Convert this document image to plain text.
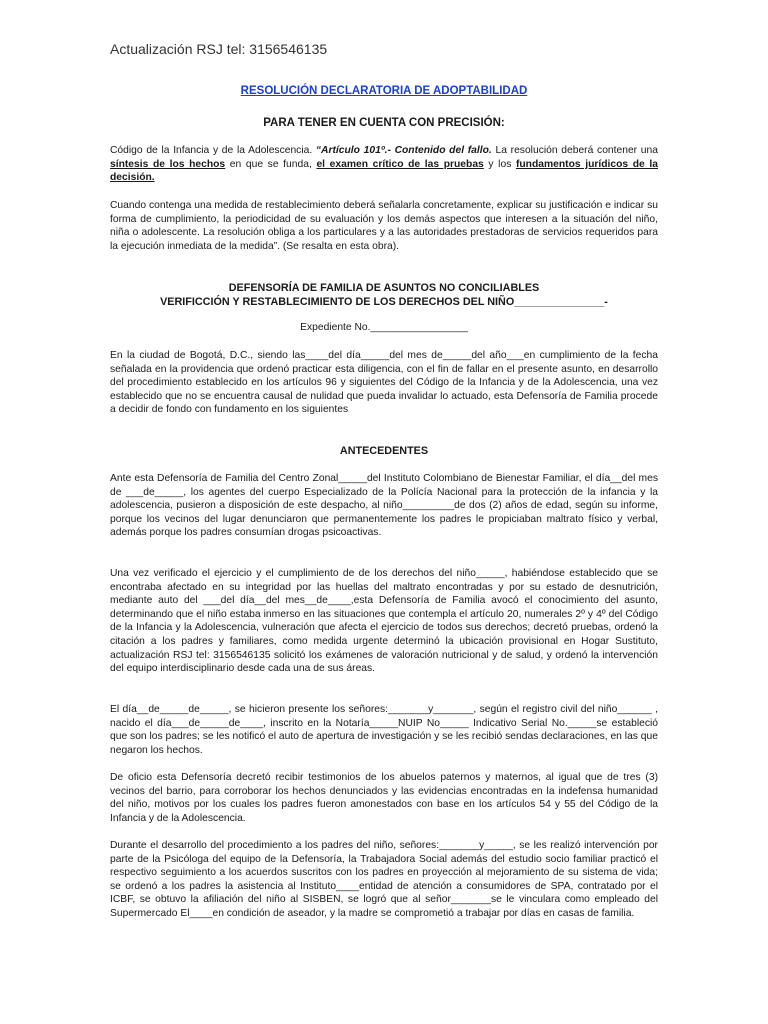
Actualización RSJ tel: 3156546135
RESOLUCIÓN DECLARATORIA DE ADOPTABILIDAD
PARA TENER EN CUENTA CON PRECISIÓN:
Código de la Infancia y de la Adolescencia. “Artículo 101º.- Contenido del fallo. La resolución deberá contener una síntesis de los hechos en que se funda, el examen crítico de las pruebas y los fundamentos jurídicos de la decisión.
Cuando contenga una medida de restablecimiento deberá señalarla concretamente, explicar su justificación e indicar su forma de cumplimiento, la periodicidad de su evaluación y los demás aspectos que interesen a la situación del niño, niña o adolescente. La resolución obliga a los particulares y a las autoridades prestadoras de servicios requeridos para la ejecución inmediata de la medida”. (Se resalta en esta obra).
DEFENSORÍA DE FAMILIA DE ASUNTOS NO CONCILIABLES
VERIFICCIÓN Y RESTABLECIMIENTO DE LOS DERECHOS DEL NIÑO_______________-
Expediente No._________________
En la ciudad de Bogotá, D.C., siendo las____del día_____del mes de_____del año___en cumplimiento de la fecha señalada en la providencia que ordenó practicar esta diligencia, con el fin de fallar en el presente asunto, en desarrollo del procedimiento establecido en los artículos 96 y siguientes del Código de la Infancia y de la Adolescencia, una vez establecido que no se encuentra causal de nulidad que pueda invalidar lo actuado, esta Defensoría de Familia procede a decidir de fondo con fundamento en los siguientes
ANTECEDENTES
Ante esta Defensoría de Familia del Centro Zonal_____del Instituto Colombiano de Bienestar Familiar, el día__del mes de ___de_____, los agentes del cuerpo Especializado de la Polícía Nacional para la protección de la infancia y la adolescencia, pusieron a disposición de este despacho, al niño_________de dos (2) años de edad, según su informe, porque los vecinos del lugar denunciaron que permanentemente los padres le propiciaban maltrato físico y verbal, además porque los padres consumían drogas psicoactivas.
Una vez verificado el ejercicio y el cumplimiento de de los derechos del niño_____, habiéndose establecido que se encontraba afectado en su integridad por las huellas del maltrato encontradas y por su estado de desnutrición, mediante auto del ___del día__del mes__de____,esta Defensoría de Familia avocó el conocimiento del asunto, determinando que el niño estaba inmerso en las situaciones que contempla el artículo 20, numerales 2º y 4º del Código de la Infancia y la Adolescencia, vulneración que afecta el ejercicio de todos sus derechos; decretó pruebas, ordenó la citación a los padres y familiares, como medida urgente determinó la ubicación provisional en Hogar Sustituto, actualización RSJ tel: 3156546135 solicitó los exámenes de valoración nutricional y de salud, y ordenó la intervención del equipo interdisciplinario desde cada una de sus áreas.
El día__de_____de_____, se hicieron presente los señores:_______y_______, según el registro civil del niño______ , nacido el día___de_____de____, inscrito en la Notaría_____NUIP No_____ Indicativo Serial No._____se estableció que son los padres; se les notificó el auto de apertura de investigación y se les recibió sendas declaraciones, en las que negaron los hechos.
De oficio esta Defensoría decretó recibir testimonios de los abuelos paternos y maternos, al igual que de tres (3) vecinos del barrio, para corroborar los hechos denunciados y las evidencias encontradas en la indefensa humanidad del niño, motivos por los cuales los padres fueron amonestados con base en los artículos 54 y 55 del Código de la Infancia y de la Adolescencia.
Durante el desarrollo del procedimiento a los padres del niño, señores:_______y_____, se les realizó intervención por parte de la Psicóloga del equipo de la Defensoría, la Trabajadora Social además del estudio socio familiar practicó el respectivo seguimiento a los acuerdos suscritos con los padres en proyección al mejoramiento de su sistema de vida; se ordenó a los padres la asistencia al Instituto____entidad de atención a consumidores de SPA, contratado por el ICBF, se obtuvo la afiliación del niño al SISBEN, se logró que al señor_______se le vinculara como empleado del Supermercado El____en condición de aseador, y la madre se comprometió a trabajar por días en casas de familia.
